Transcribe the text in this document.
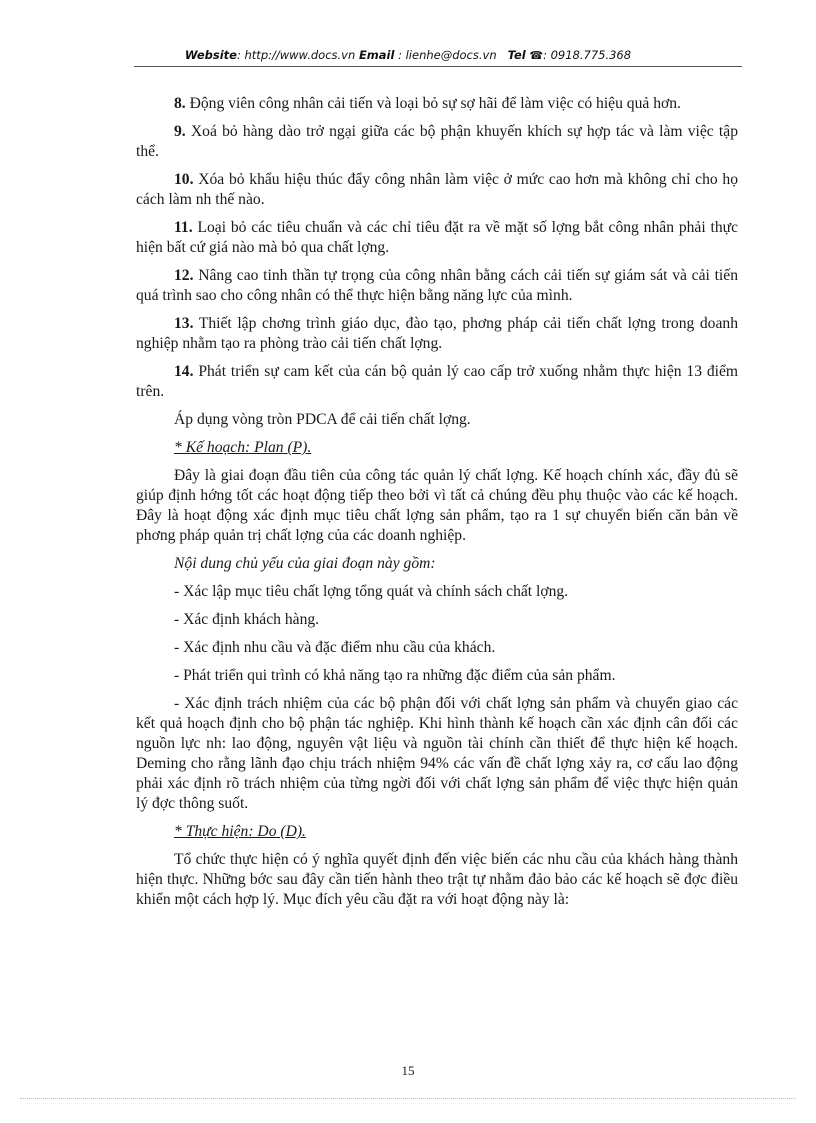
Website: http://www.docs.vn Email : lienhe@docs.vn Tel ☎: 0918.775.368

8. Động viên công nhân cải tiến và loại bỏ sự sợ hãi để làm việc có hiệu quả hơn.

9. Xoá bỏ hàng dào trở ngại giữa các bộ phận khuyến khích sự hợp tác và làm việc tập thể.

10. Xóa bỏ khẩu hiệu thúc đẩy công nhân làm việc ở mức cao hơn mà không chỉ cho họ cách làm nh thế nào.

11. Loại bỏ các tiêu chuẩn và các chỉ tiêu đặt ra về mặt số lợng bắt công nhân phải thực hiện bất cứ giá nào mà bỏ qua chất lợng.

12. Nâng cao tinh thần tự trọng của công nhân bằng cách cải tiến sự giám sát và cải tiến quá trình sao cho công nhân có thể thực hiện bằng năng lực của mình.

13. Thiết lập chơng trình giáo dục, đào tạo, phơng pháp cải tiến chất lợng trong doanh nghiệp nhằm tạo ra phòng trào cải tiến chất lợng.

14. Phát triển sự cam kết của cán bộ quản lý cao cấp trở xuống nhằm thực hiện 13 điểm trên.

Áp dụng vòng tròn PDCA để cải tiến chất lợng.

* Kế hoạch: Plan (P).

Đây là giai đoạn đầu tiên của công tác quản lý chất lợng. Kế hoạch chính xác, đầy đủ sẽ giúp định hớng tốt các hoạt động tiếp theo bởi vì tất cả chúng đều phụ thuộc vào các kế hoạch. Đây là hoạt động xác định mục tiêu chất lợng sản phẩm, tạo ra 1 sự chuyển biến căn bản về phơng pháp quản trị chất lợng của các doanh nghiệp.

Nội dung chủ yếu của giai đoạn này gồm:

- Xác lập mục tiêu chất lợng tổng quát và chính sách chất lợng.

- Xác định khách hàng.

- Xác định nhu cầu và đặc điểm nhu cầu của khách.

- Phát triển qui trình có khả năng tạo ra những đặc điểm của sản phẩm.

- Xác định trách nhiệm của các bộ phận đối với chất lợng sản phẩm và chuyển giao các kết quả hoạch định cho bộ phận tác nghiệp. Khi hình thành kế hoạch cần xác định cân đối các nguồn lực nh: lao động, nguyên vật liệu và nguồn tài chính cần thiết để thực hiện kế hoạch. Deming cho rằng lãnh đạo chịu trách nhiệm 94% các vấn đề chất lợng xảy ra, cơ cấu lao động phải xác định rõ trách nhiệm của từng ngời đối với chất lợng sản phẩm để việc thực hiện quản lý đợc thông suốt.

* Thực hiện: Do (D).

Tổ chức thực hiện có ý nghĩa quyết định đến việc biến các nhu cầu của khách hàng thành hiện thực. Những bớc sau đây cần tiến hành theo trật tự nhằm đảo bảo các kế hoạch sẽ đợc điều khiển một cách hợp lý. Mục đích yêu cầu đặt ra với hoạt động này là:

15
